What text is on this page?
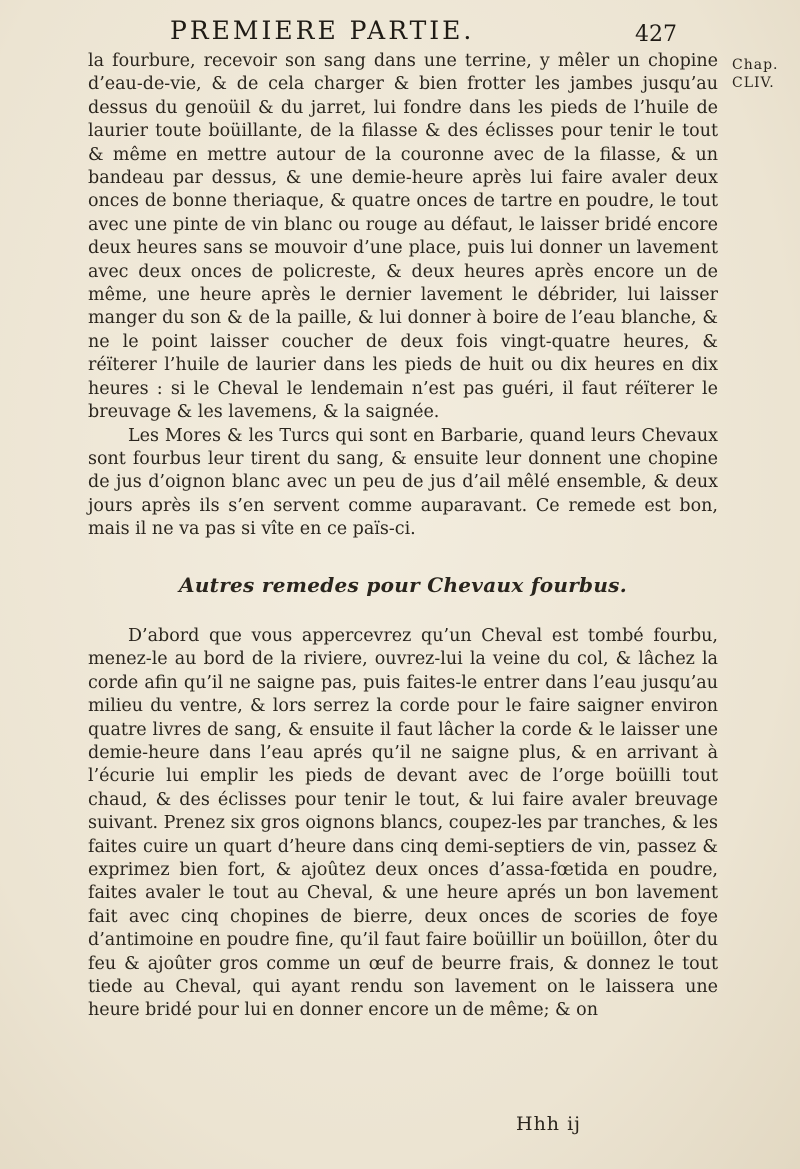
PREMIERE PARTIE.	427
Chap.
CLIV.

la fourbure, recevoir son sang dans une terrine, y mêler un chopine d’eau-de-vie, & de cela charger & bien frotter les jambes jusqu’au dessus du genoüil & du jarret, lui fondre dans les pieds de l’huile de laurier toute boüillante, de la filasse & des éclisses pour tenir le tout & même en mettre autour de la couronne avec de la filasse, & un bandeau par dessus, & une demie-heure après lui faire avaler deux onces de bonne theriaque, & quatre onces de tartre en poudre, le tout avec une pinte de vin blanc ou rouge au défaut, le laisser bridé encore deux heures sans se mouvoir d’une place, puis lui donner un lavement avec deux onces de policreste, & deux heures après encore un de même, une heure après le dernier lavement le débrider, lui laisser manger du son & de la paille, & lui donner à boire de l’eau blanche, & ne le point laisser coucher de deux fois vingt-quatre heures, & réïterer l’huile de laurier dans les pieds de huit ou dix heures en dix heures : si le Cheval le lendemain n’est pas guéri, il faut réïterer le breuvage & les lavemens, & la saignée.

Les Mores & les Turcs qui sont en Barbarie, quand leurs Chevaux sont fourbus leur tirent du sang, & ensuite leur donnent une chopine de jus d’oignon blanc avec un peu de jus d’ail mêlé ensemble, & deux jours après ils s’en servent comme auparavant. Ce remede est bon, mais il ne va pas si vîte en ce païs-ci.

Autres remedes pour Chevaux fourbus.

D’abord que vous appercevrez qu’un Cheval est tombé fourbu, menez-le au bord de la riviere, ouvrez-lui la veine du col, & lâchez la corde afin qu’il ne saigne pas, puis faites-le entrer dans l’eau jusqu’au milieu du ventre, & lors serrez la corde pour le faire saigner environ quatre livres de sang, & ensuite il faut lâcher la corde & le laisser une demie-heure dans l’eau aprés qu’il ne saigne plus, & en arrivant à l’écurie lui emplir les pieds de devant avec de l’orge boüilli tout chaud, & des éclisses pour tenir le tout, & lui faire avaler breuvage suivant. Prenez six gros oignons blancs, coupez-les par tranches, & les faites cuire un quart d’heure dans cinq demi-septiers de vin, passez & exprimez bien fort, & ajoûtez deux onces d’assa-fœtida en poudre, faites avaler le tout au Cheval, & une heure aprés un bon lavement fait avec cinq chopines de bierre, deux onces de scories de foye d’antimoine en poudre fine, qu’il faut faire boüillir un boüillon, ôter du feu & ajoûter gros comme un œuf de beurre frais, & donnez le tout tiede au Cheval, qui ayant rendu son lavement on le laissera une heure bridé pour lui en donner encore un de même; & on

Hhh ij
